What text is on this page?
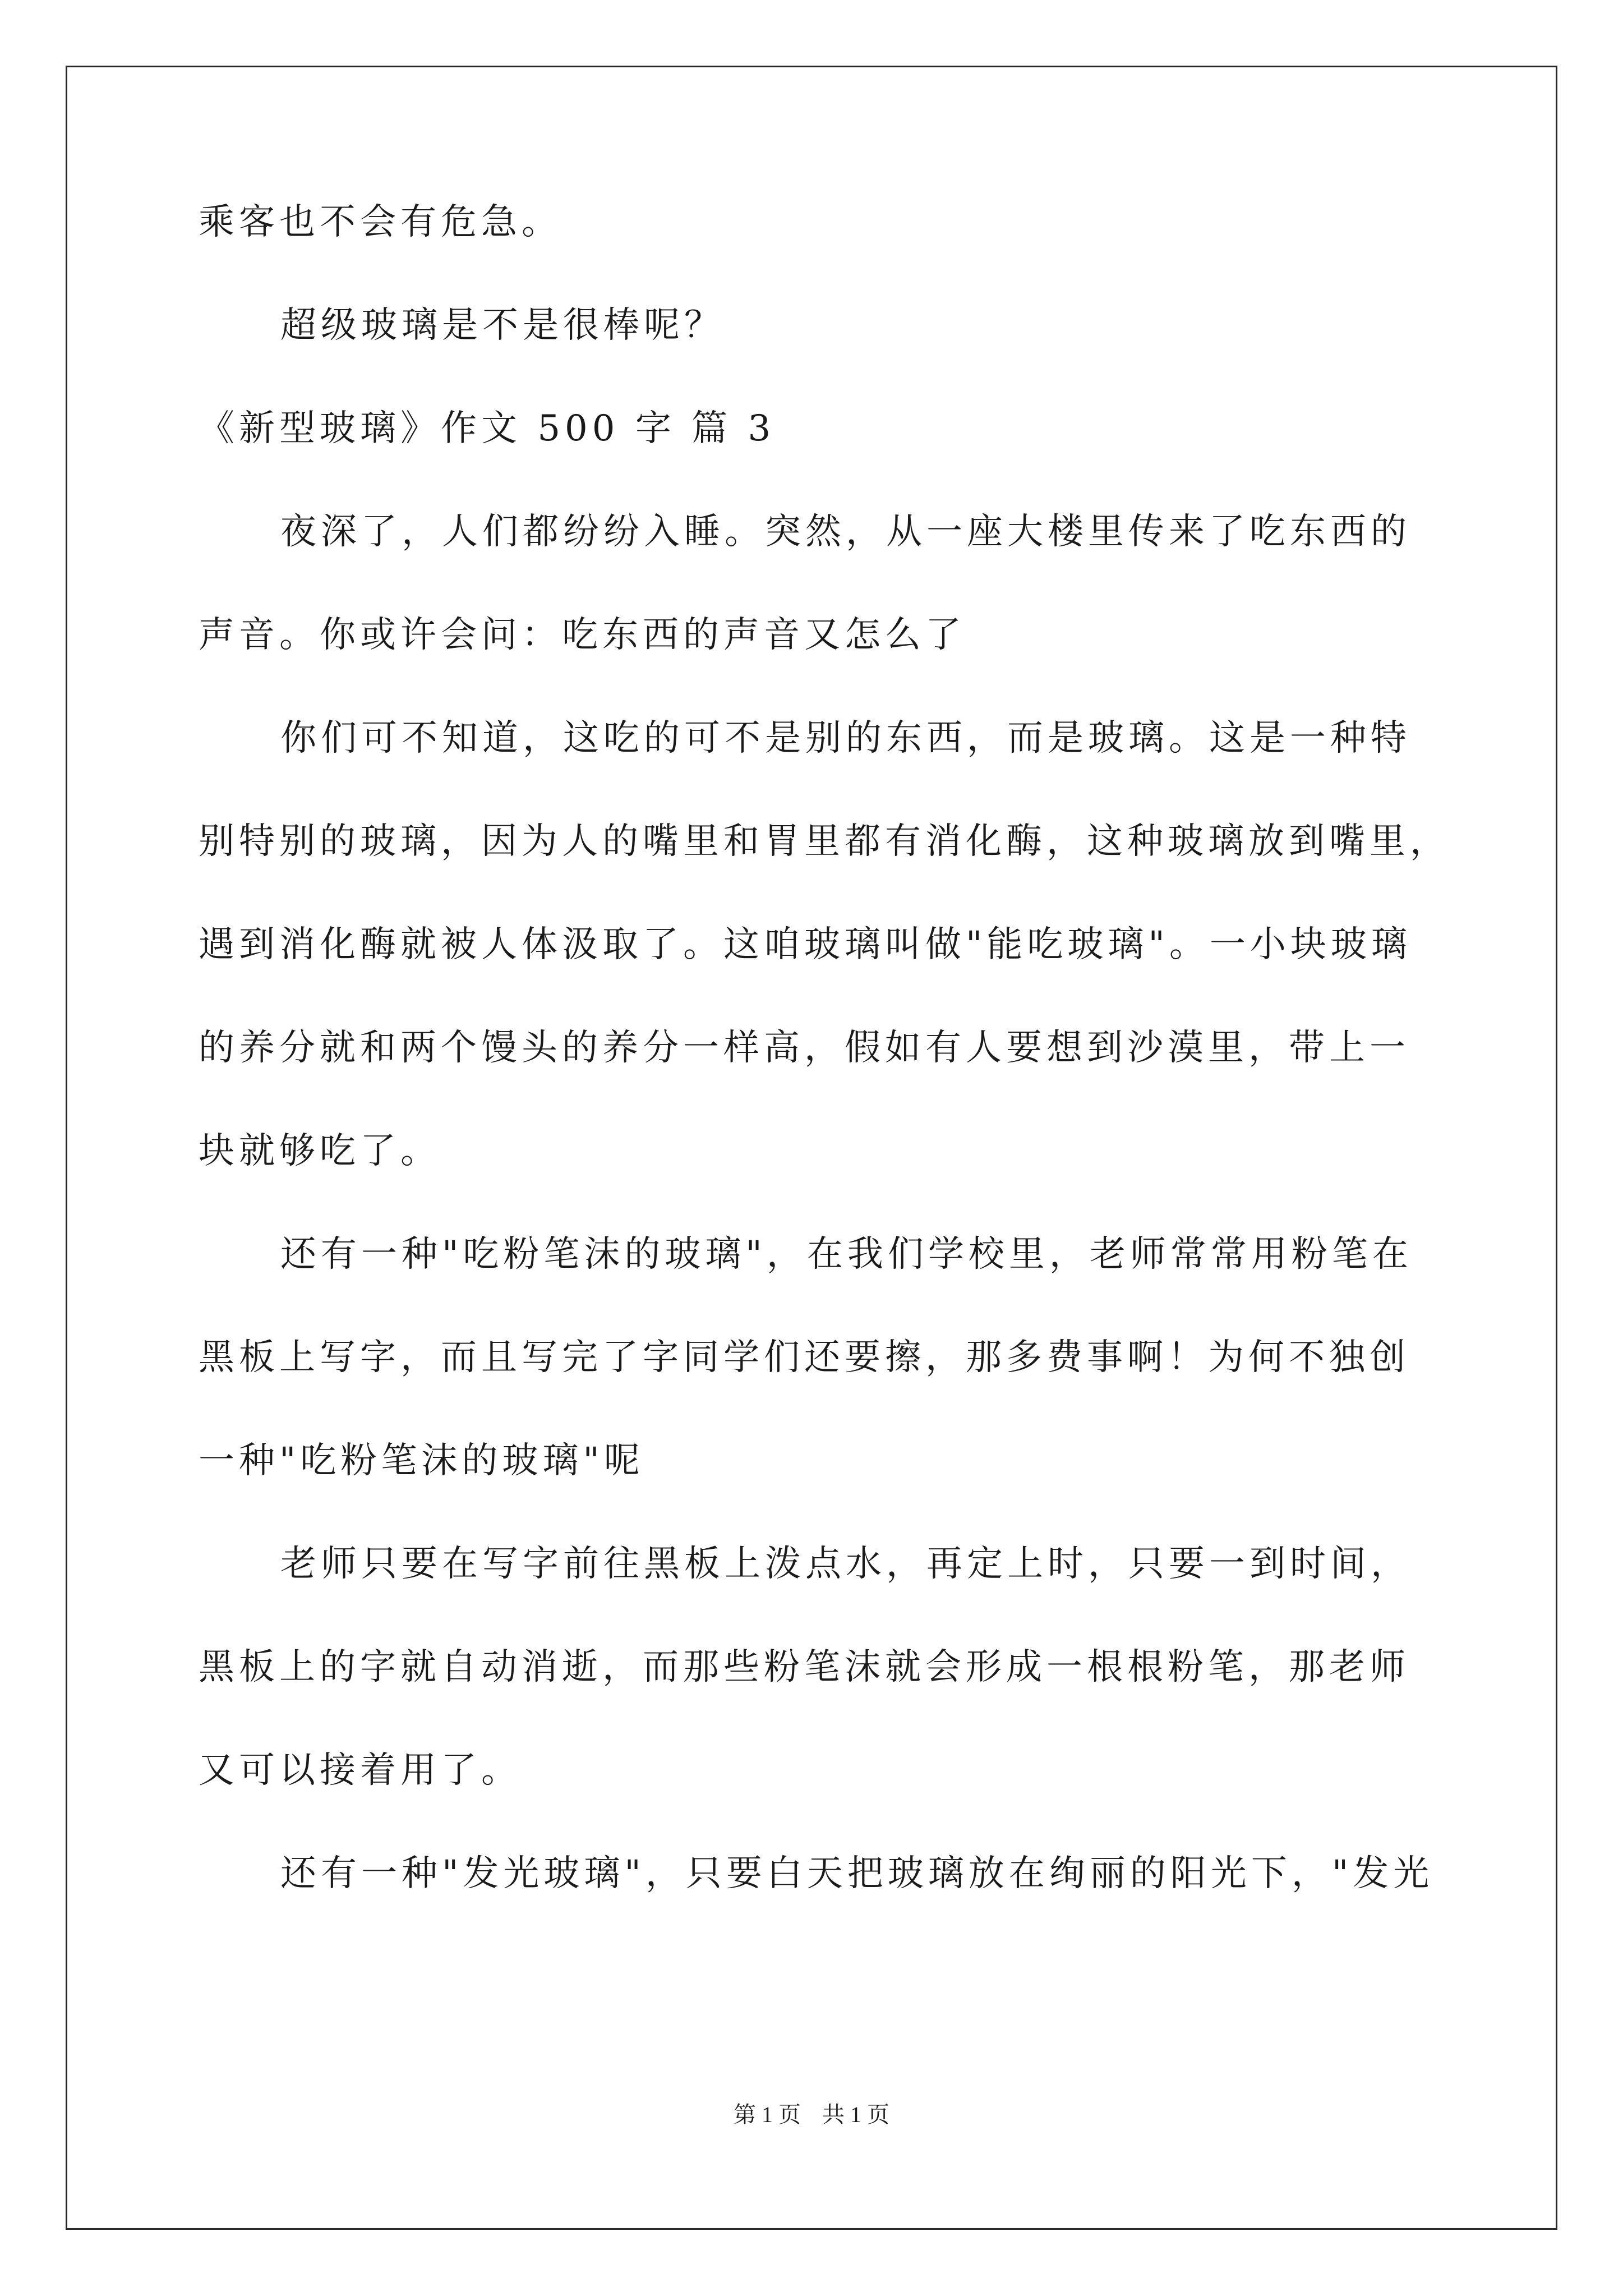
乘客也不会有危急。
超级玻璃是不是很棒呢？
《新型玻璃》作文 500 字 篇 3
夜深了，人们都纷纷入睡。突然，从一座大楼里传来了吃东西的
声音。你或许会问：吃东西的声音又怎么了
你们可不知道，这吃的可不是别的东西，而是玻璃。这是一种特
别特别的玻璃，因为人的嘴里和胃里都有消化酶，这种玻璃放到嘴里，
遇到消化酶就被人体汲取了。这咱玻璃叫做"能吃玻璃"。一小块玻璃
的养分就和两个馒头的养分一样高，假如有人要想到沙漠里，带上一
块就够吃了。
还有一种"吃粉笔沫的玻璃"，在我们学校里，老师常常用粉笔在
黑板上写字，而且写完了字同学们还要擦，那多费事啊！为何不独创
一种"吃粉笔沫的玻璃"呢
老师只要在写字前往黑板上泼点水，再定上时，只要一到时间，
黑板上的字就自动消逝，而那些粉笔沫就会形成一根根粉笔，那老师
又可以接着用了。
还有一种"发光玻璃"，只要白天把玻璃放在绚丽的阳光下，"发光
第 1 页 共 1 页
